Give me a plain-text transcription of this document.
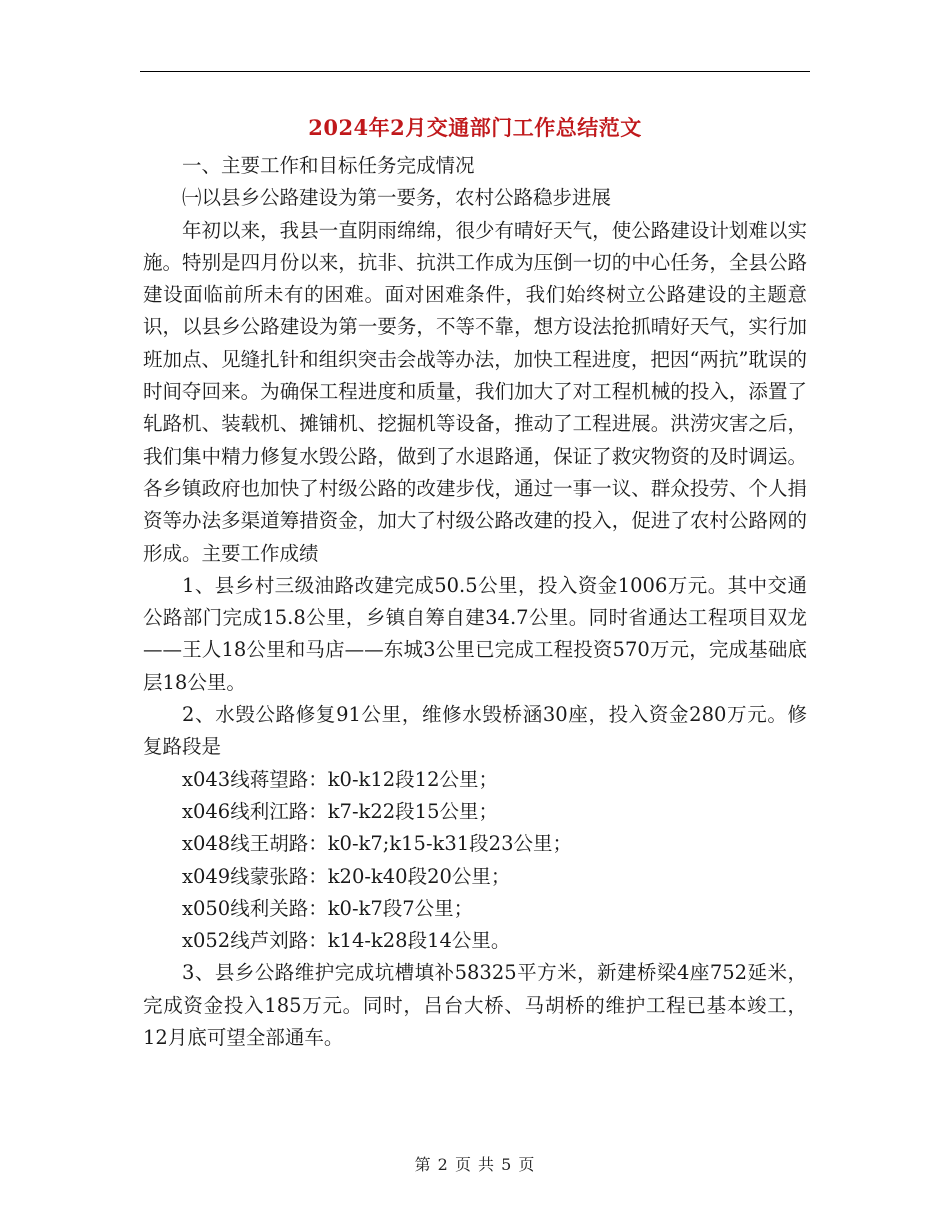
2024年2月交通部门工作总结范文

一、主要工作和目标任务完成情况

㈠以县乡公路建设为第一要务，农村公路稳步进展

年初以来，我县一直阴雨绵绵，很少有晴好天气，使公路建设计划难以实施。特别是四月份以来，抗非、抗洪工作成为压倒一切的中心任务，全县公路建设面临前所未有的困难。面对困难条件，我们始终树立公路建设的主题意识，以县乡公路建设为第一要务，不等不靠，想方设法抢抓晴好天气，实行加班加点、见缝扎针和组织突击会战等办法，加快工程进度，把因“两抗”耽误的时间夺回来。为确保工程进度和质量，我们加大了对工程机械的投入，添置了轧路机、装载机、摊铺机、挖掘机等设备，推动了工程进展。洪涝灾害之后，我们集中精力修复水毁公路，做到了水退路通，保证了救灾物资的及时调运。各乡镇政府也加快了村级公路的改建步伐，通过一事一议、群众投劳、个人捐资等办法多渠道筹措资金，加大了村级公路改建的投入，促进了农村公路网的形成。主要工作成绩

1、县乡村三级油路改建完成50.5公里，投入资金1006万元。其中交通公路部门完成15.8公里，乡镇自筹自建34.7公里。同时省通达工程项目双龙——王人18公里和马店——东城3公里已完成工程投资570万元，完成基础底层18公里。

2、水毁公路修复91公里，维修水毁桥涵30座，投入资金280万元。修复路段是

x043线蒋望路：k0-k12段12公里；

x046线利江路：k7-k22段15公里；

x048线王胡路：k0-k7;k15-k31段23公里；

x049线蒙张路：k20-k40段20公里；

x050线利关路：k0-k7段7公里；

x052线芦刘路：k14-k28段14公里。

3、县乡公路维护完成坑槽填补58325平方米，新建桥梁4座752延米，完成资金投入185万元。同时，吕台大桥、马胡桥的维护工程已基本竣工，12月底可望全部通车。

第 2 页 共 5 页
